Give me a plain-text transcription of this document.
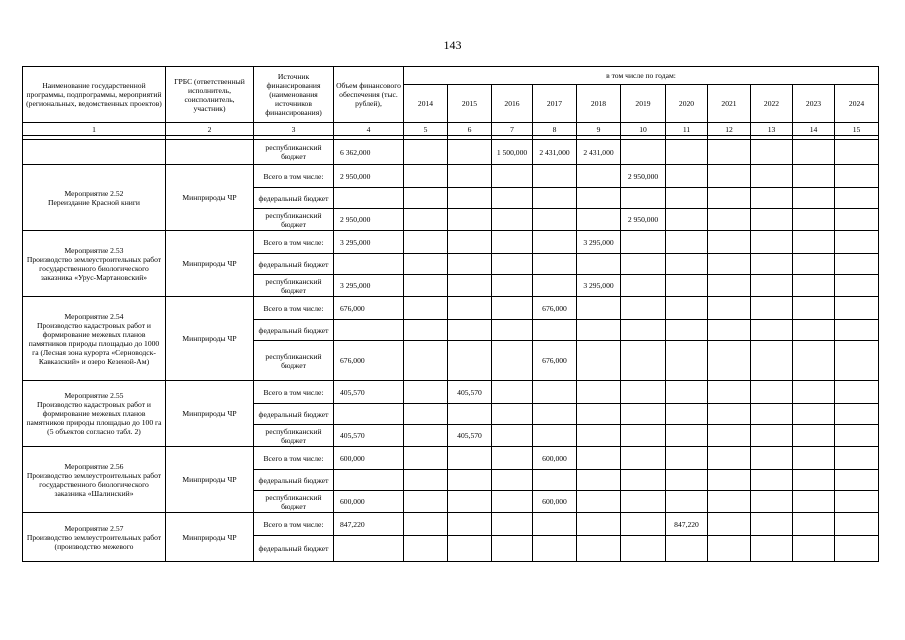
143
Наименование государственной программы, подпрограммы, мероприятий (региональных, ведомственных проектов)	ГРБС (ответственный исполнитель, соисполнитель, участник)	Источник финансирования (наименования источников финансирования)	Объем финансового обеспечения (тыс. рублей),	в том числе по годам:										
				2014	2015	2016	2017	2018	2019	2020	2021	2022	2023	2024
1	2	3	4	5	6	7	8	9	10	11	12	13	14	15

		республиканский бюджет	6 362,000			1 500,000	2 431,000	2 431,000						

Мероприятие 2.52
Переиздание Красной книги	Минприроды ЧР	Всего в том числе:	2 950,000						2 950,000					
		федеральный бюджет												
		республиканский бюджет	2 950,000						2 950,000					

Мероприятие 2.53
Производство землеустроительных работ государственного биологического заказника «Урус-Мартановский»	Минприроды ЧР	Всего в том числе:	3 295,000					3 295,000						
		федеральный бюджет												
		республиканский бюджет	3 295,000					3 295,000						

Мероприятие 2.54
Производство кадастровых работ и формирование межевых планов памятников природы площадью до 1000 га (Лесная зона курорта «Серноводск-Кавказский» и озеро Кезеной-Ам)	Минприроды ЧР	Всего в том числе:	676,000				676,000							
		федеральный бюджет												
		республиканский бюджет	676,000				676,000							

Мероприятие 2.55
Производство кадастровых работ и формирование межевых планов памятников природы площадью до 100 га (5 объектов согласно табл. 2)	Минприроды ЧР	Всего в том числе:	405,570		405,570									
		федеральный бюджет												
		республиканский бюджет	405,570		405,570									

Мероприятие 2.56
Производство землеустроительных работ государственного биологического заказника «Шалинский»	Минприроды ЧР	Всего в том числе:	600,000				600,000							
		федеральный бюджет												
		республиканский бюджет	600,000				600,000							

Мероприятие 2.57
Производство землеустроительных работ (производство межевого	Минприроды ЧР	Всего в том числе:	847,220							847,220				
		федеральный бюджет												
